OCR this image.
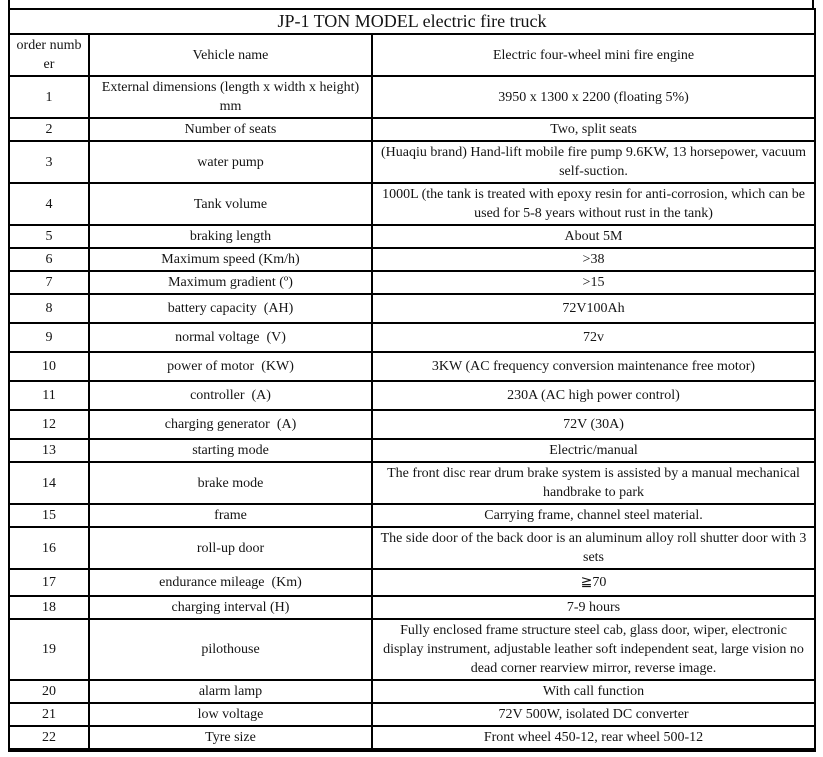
JP-1 TON MODEL electric fire truck		
order number	Vehicle name	Electric four-wheel mini fire engine
1	External dimensions (length x width x height) mm	3950 x 1300 x 2200 (floating 5%)
2	Number of seats	Two, split seats
3	water pump	(Huaqiu brand) Hand-lift mobile fire pump 9.6KW, 13 horsepower, vacuum self-suction.
4	Tank volume	1000L (the tank is treated with epoxy resin for anti-corrosion, which can be used for 5-8 years without rust in the tank)
5	braking length	About 5M
6	Maximum speed (Km/h)	>38
7	Maximum gradient (º)	>15
8	battery capacity  (AH)	72V100Ah
9	normal voltage  (V)	72v
10	power of motor  (KW)	3KW (AC frequency conversion maintenance free motor)
11	controller  (A)	230A (AC high power control)
12	charging generator  (A)	72V (30A)
13	starting mode	Electric/manual
14	brake mode	The front disc rear drum brake system is assisted by a manual mechanical handbrake to park
15	frame	Carrying frame, channel steel material.
16	roll-up door	The side door of the back door is an aluminum alloy roll shutter door with 3 sets
17	endurance mileage  (Km)	≧70
18	charging interval (H)	7-9 hours
19	pilothouse	Fully enclosed frame structure steel cab, glass door, wiper, electronic display instrument, adjustable leather soft independent seat, large vision no dead corner rearview mirror, reverse image.
20	alarm lamp	With call function
21	low voltage	72V 500W, isolated DC converter
22	Tyre size	Front wheel 450-12, rear wheel 500-12
